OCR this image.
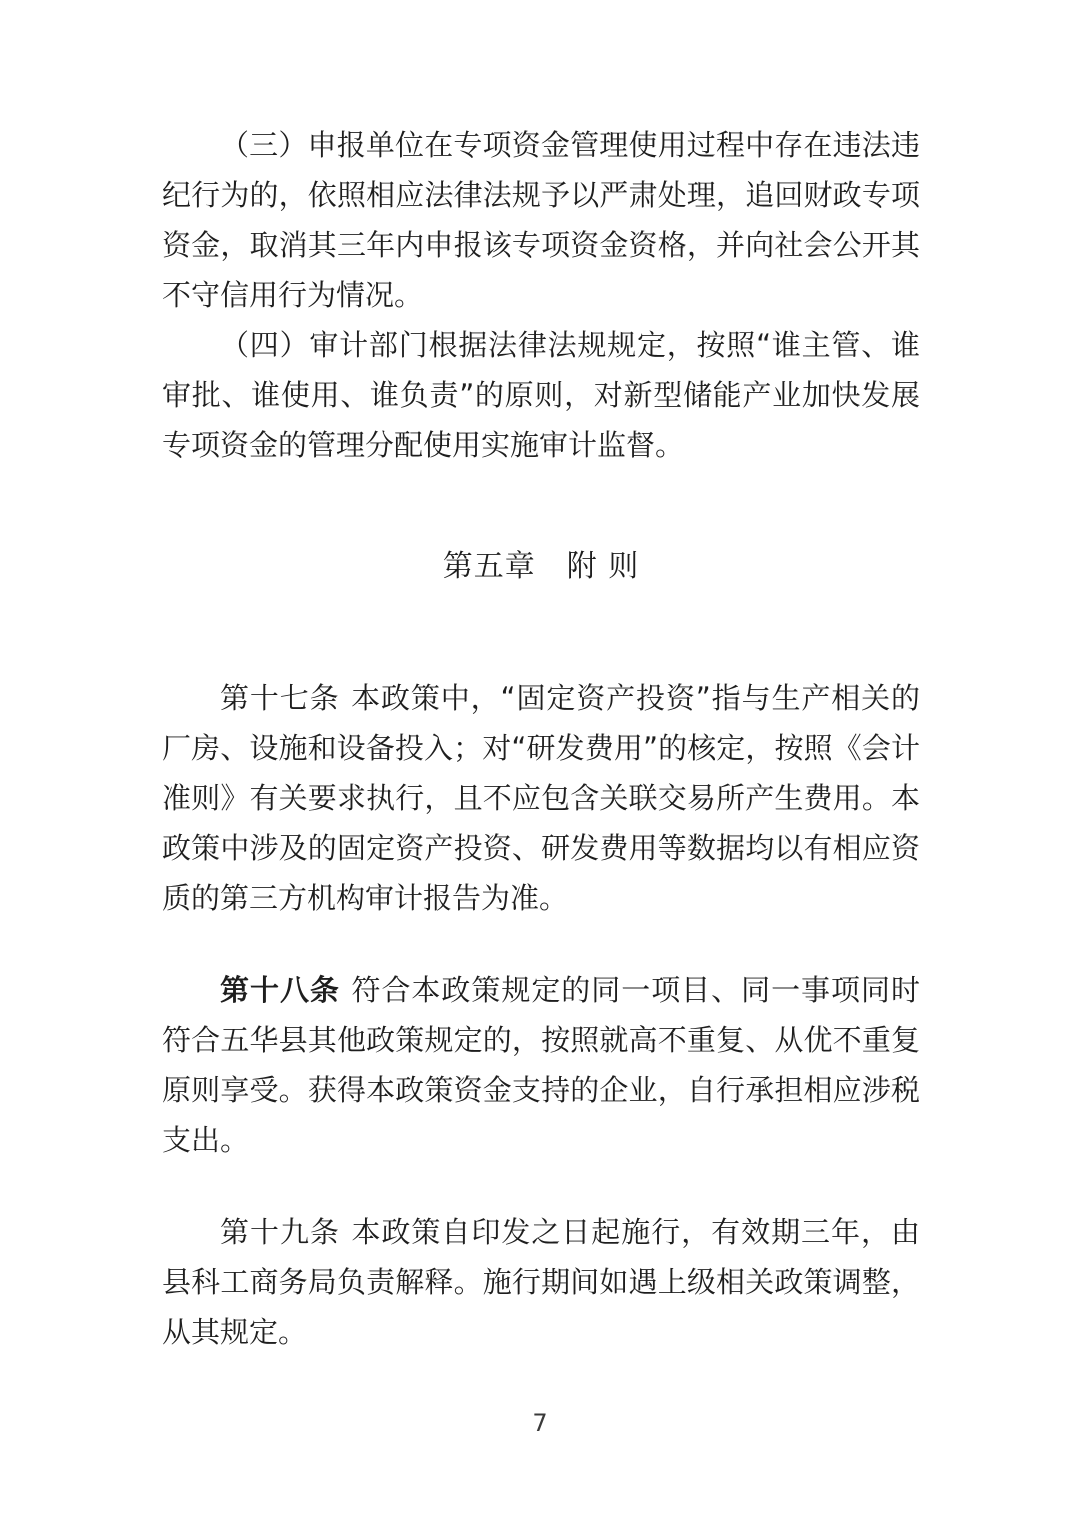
（三）申报单位在专项资金管理使用过程中存在违法违纪行为的，依照相应法律法规予以严肃处理，追回财政专项资金，取消其三年内申报该专项资金资格，并向社会公开其不守信用行为情况。

（四）审计部门根据法律法规规定，按照“谁主管、谁审批、谁使用、谁负责”的原则，对新型储能产业加快发展专项资金的管理分配使用实施审计监督。

第五章　附 则

第十七条 本政策中，“固定资产投资”指与生产相关的厂房、设施和设备投入；对“研发费用”的核定，按照《会计准则》有关要求执行，且不应包含关联交易所产生费用。本政策中涉及的固定资产投资、研发费用等数据均以有相应资质的第三方机构审计报告为准。

第十八条 符合本政策规定的同一项目、同一事项同时符合五华县其他政策规定的，按照就高不重复、从优不重复原则享受。获得本政策资金支持的企业，自行承担相应涉税支出。

第十九条 本政策自印发之日起施行，有效期三年，由县科工商务局负责解释。施行期间如遇上级相关政策调整，从其规定。

7
